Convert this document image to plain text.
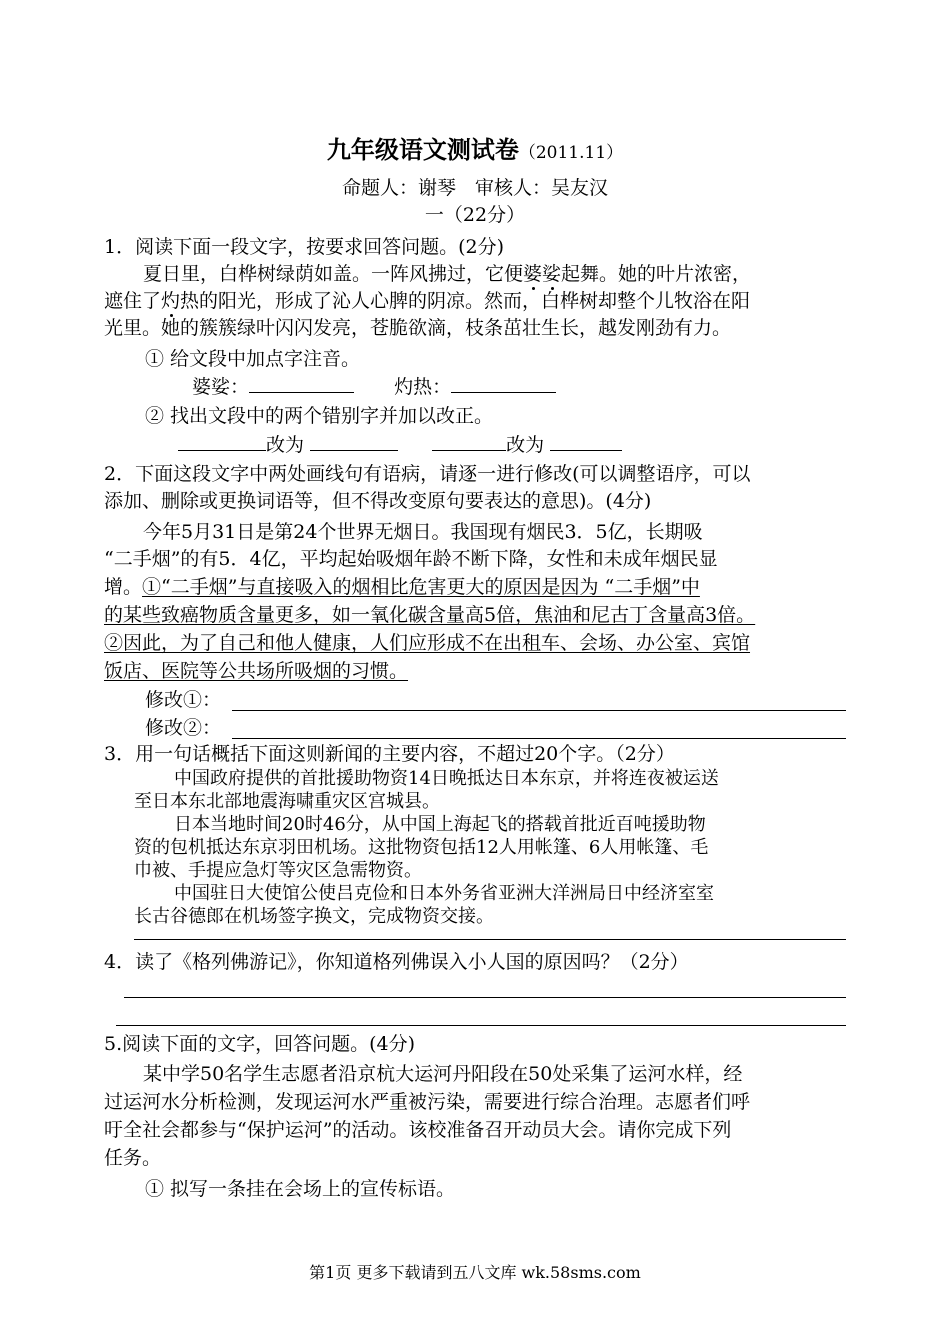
九年级语文测试卷（2011.11）
命题人：谢琴　审核人：吴友汉
一（22分）
1．阅读下面一段文字，按要求回答问题。(2分)
夏日里，白桦树绿荫如盖。一阵风拂过，它便婆娑起舞。她的叶片浓密，
遮住了灼热的阳光，形成了沁人心脾的阴凉。然而，白桦树却整个儿牧浴在阳
光里。她的簇簇绿叶闪闪发亮，苍脆欲滴，枝条茁壮生长，越发刚劲有力。
① 给文段中加点字注音。
婆娑：	灼热：
② 找出文段中的两个错别字并加以改正。
改为	改为
2．下面这段文字中两处画线句有语病，请逐一进行修改(可以调整语序，可以
添加、删除或更换词语等，但不得改变原句要表达的意思)。(4分)
今年5月31日是第24个世界无烟日。我国现有烟民3．5亿，长期吸
“二手烟”的有5．4亿，平均起始吸烟年龄不断下降，女性和未成年烟民显
增。①“二手烟”与直接吸入的烟相比危害更大的原因是因为 “二手烟”中
的某些致癌物质含量更多，如一氧化碳含量高5倍，焦油和尼古丁含量高3倍。
②因此，为了自己和他人健康，人们应形成不在出租车、会场、办公室、宾馆
饭店、医院等公共场所吸烟的习惯。
修改①：
修改②：
3．用一句话概括下面这则新闻的主要内容，不超过20个字。（2分）
中国政府提供的首批援助物资14日晚抵达日本东京，并将连夜被运送
至日本东北部地震海啸重灾区宫城县。
日本当地时间20时46分，从中国上海起飞的搭载首批近百吨援助物
资的包机抵达东京羽田机场。这批物资包括12人用帐篷、6人用帐篷、毛
巾被、手提应急灯等灾区急需物资。
中国驻日大使馆公使吕克俭和日本外务省亚洲大洋洲局日中经济室室
长古谷德郎在机场签字换文，完成物资交接。
4．读了《格列佛游记》，你知道格列佛误入小人国的原因吗？（2分）
5.阅读下面的文字，回答问题。(4分)
某中学50名学生志愿者沿京杭大运河丹阳段在50处采集了运河水样，经
过运河水分析检测，发现运河水严重被污染，需要进行综合治理。志愿者们呼
吁全社会都参与“保护运河”的活动。该校准备召开动员大会。请你完成下列
任务。
① 拟写一条挂在会场上的宣传标语。
第1页 更多下载请到五八文库 wk.58sms.com
